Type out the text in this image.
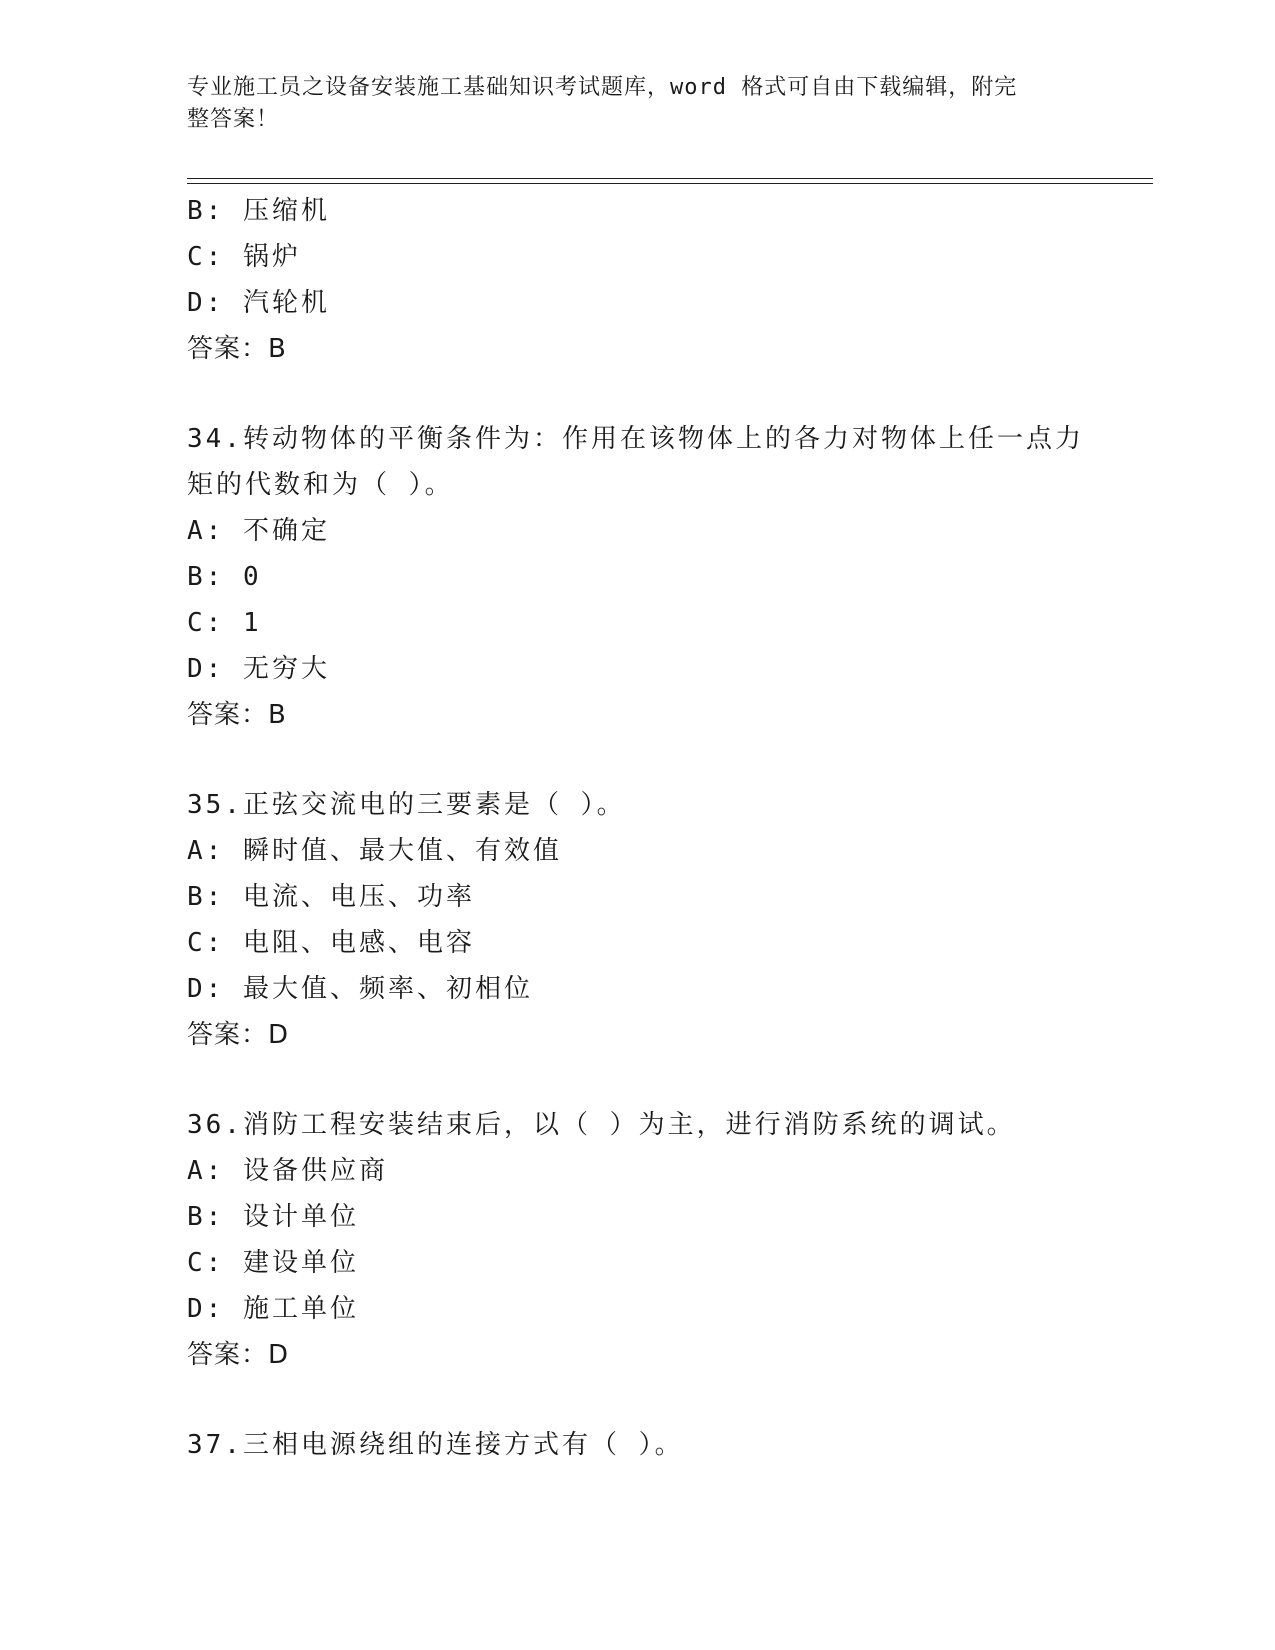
专业施工员之设备安装施工基础知识考试题库，word 格式可自由下载编辑，附完
整答案！
B: 压缩机
C: 锅炉
D: 汽轮机
答案：B
34.转动物体的平衡条件为：作用在该物体上的各力对物体上任一点力
矩的代数和为（ ）。
A: 不确定
B: 0
C: 1
D: 无穷大
答案：B
35.正弦交流电的三要素是（ ）。
A: 瞬时值、最大值、有效值
B: 电流、电压、功率
C: 电阻、电感、电容
D: 最大值、频率、初相位
答案：D
36.消防工程安装结束后，以（ ）为主，进行消防系统的调试。
A: 设备供应商
B: 设计单位
C: 建设单位
D: 施工单位
答案：D
37.三相电源绕组的连接方式有（ ）。
